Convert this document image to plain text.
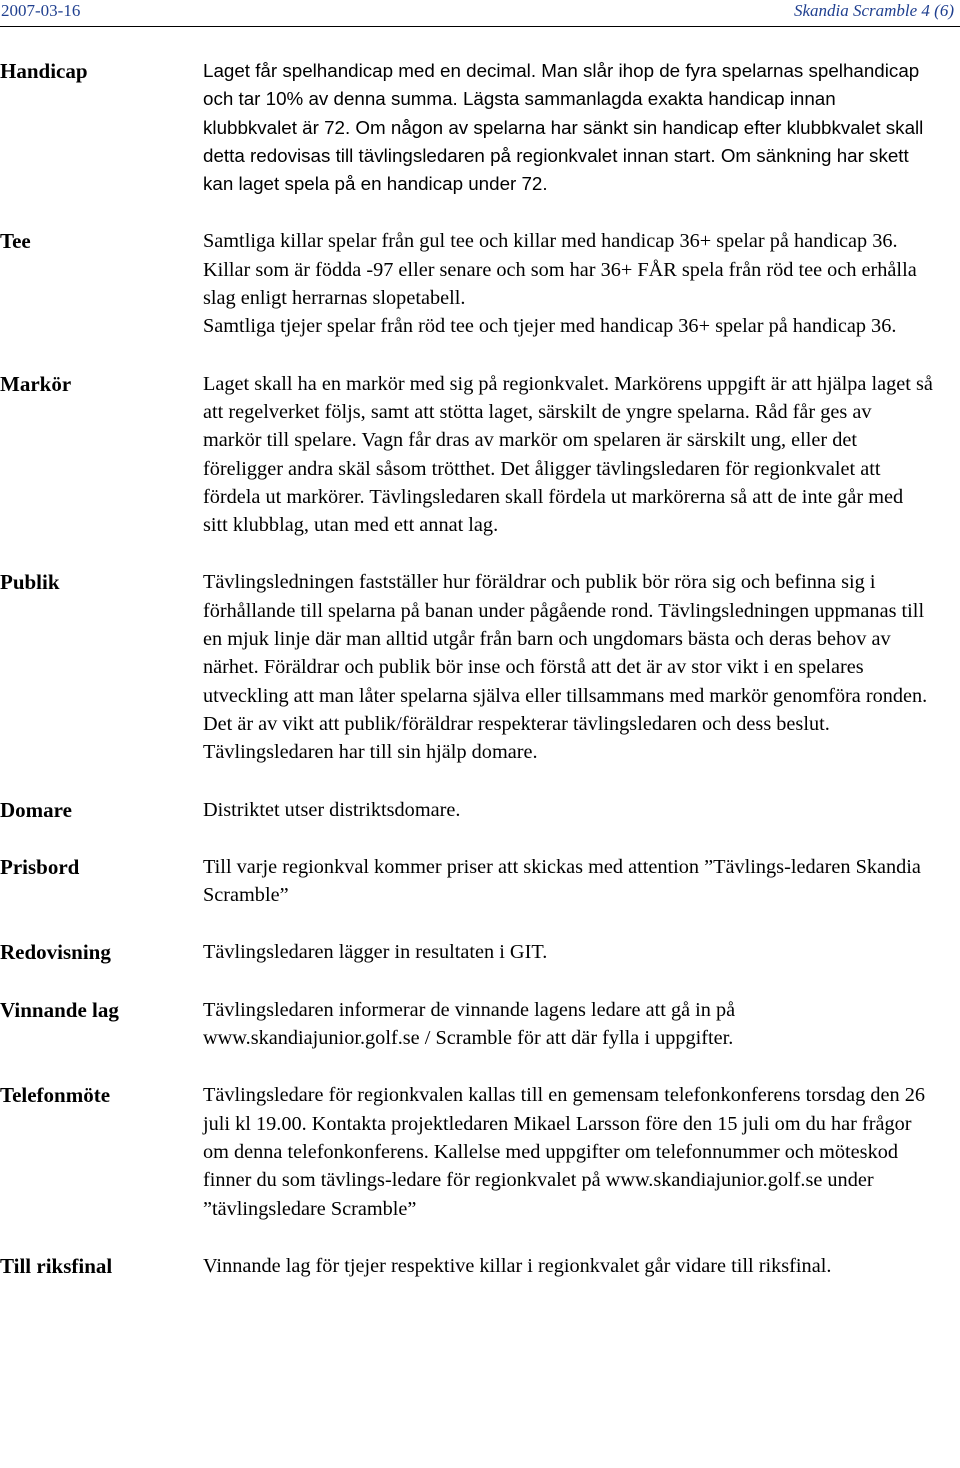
2007-03-16	Skandia Scramble 4 (6)
Handicap	Laget får spelhandicap med en decimal. Man slår ihop de fyra spelarnas spelhandicap och tar 10% av denna summa. Lägsta sammanlagda exakta handicap innan klubbkvalet är 72. Om någon av spelarna har sänkt sin handicap efter klubbkvalet skall detta redovisas till tävlingsledaren på regionkvalet innan start. Om sänkning har skett kan laget spela på en handicap under 72.

Tee	Samtliga killar spelar från gul tee och killar med handicap 36+ spelar på handicap 36. Killar som är födda -97 eller senare och som har 36+ FÅR spela från röd tee och erhålla slag enligt herrarnas slopetabell.

Samtliga tjejer spelar från röd tee och tjejer med handicap 36+ spelar på handicap 36.

Markör	Laget skall ha en markör med sig på regionkvalet. Markörens uppgift är att hjälpa laget så att regelverket följs, samt att stötta laget, särskilt de yngre spelarna. Råd får ges av markör till spelare. Vagn får dras av markör om spelaren är särskilt ung, eller det föreligger andra skäl såsom trötthet. Det åligger tävlingsledaren för regionkvalet att fördela ut markörer. Tävlingsledaren skall fördela ut markörerna så att de inte går med sitt klubblag, utan med ett annat lag.

Publik	Tävlingsledningen fastställer hur föräldrar och publik bör röra sig och befinna sig i förhållande till spelarna på banan under pågående rond. Tävlingsledningen uppmanas till en mjuk linje där man alltid utgår från barn och ungdomars bästa och deras behov av närhet. Föräldrar och publik bör inse och förstå att det är av stor vikt i en spelares utveckling att man låter spelarna själva eller tillsammans med markör genomföra ronden.

Det är av vikt att publik/föräldrar respekterar tävlingsledaren och dess beslut. Tävlingsledaren har till sin hjälp domare.

Domare	Distriktet utser distriktsdomare.

Prisbord	Till varje regionkval kommer priser att skickas med attention ”Tävlings-ledaren Skandia Scramble”

Redovisning	Tävlingsledaren lägger in resultaten i GIT.

Vinnande lag	Tävlingsledaren informerar de vinnande lagens ledare att gå in på www.skandiajunior.golf.se / Scramble för att där fylla i uppgifter.

Telefonmöte	Tävlingsledare för regionkvalen kallas till en gemensam telefonkonferens torsdag den 26 juli kl 19.00. Kontakta projektledaren Mikael Larsson före den 15 juli om du har frågor om denna telefonkonferens. Kallelse med uppgifter om telefonnummer och möteskod finner du som tävlings-ledare för regionkvalet på www.skandiajunior.golf.se under ”tävlingsledare Scramble”

Till riksfinal	Vinnande lag för tjejer respektive killar i regionkvalet går vidare till riksfinal.
